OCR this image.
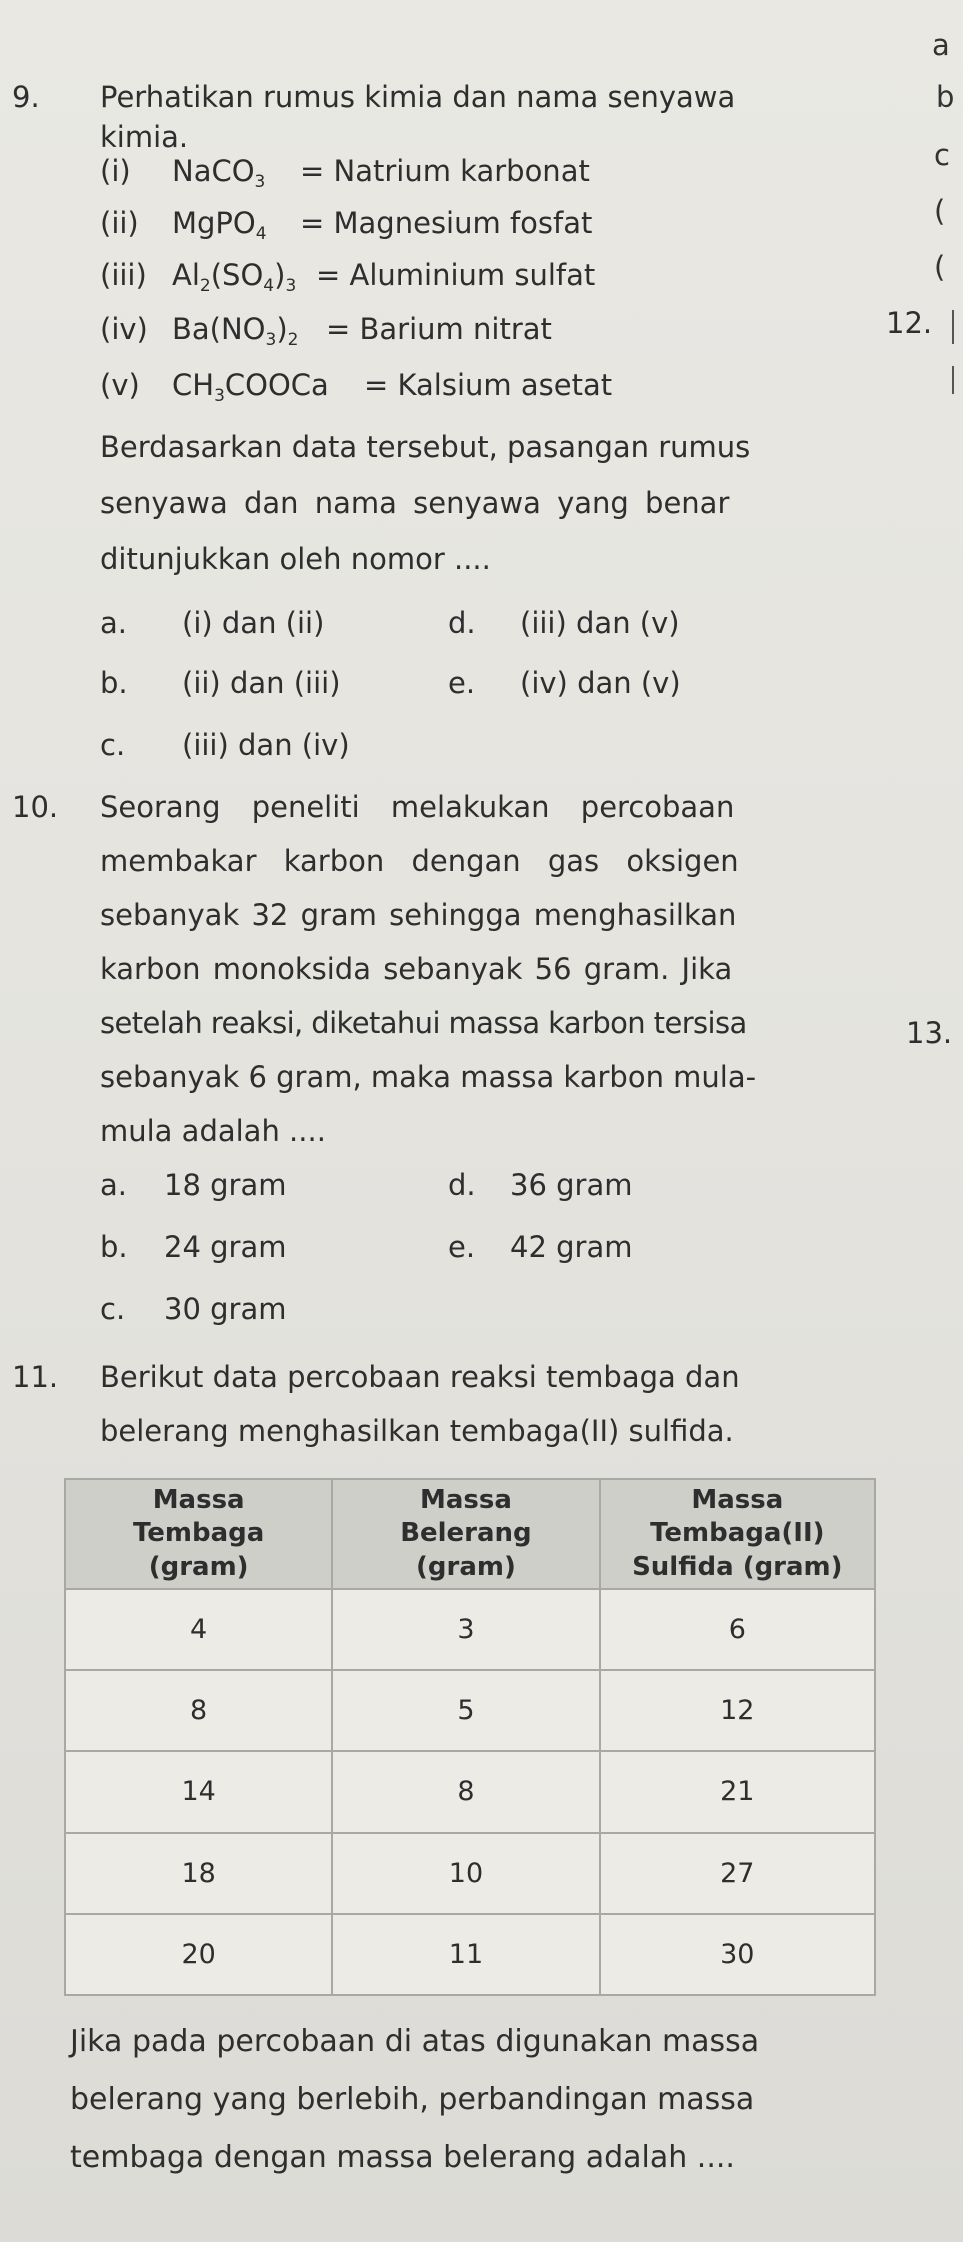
a
b
c
(
(
12.
13.
9. Perhatikan rumus kimia dan nama senyawa
kimia.
(i) NaCO$_3$ = Natrium karbonat
(ii) MgPO$_4$ = Magnesium fosfat
(iii) $Al_2(SO_4)_3$ = Aluminium sulfat
(iv) $Ba(NO_3)_2$ = Barium nitrat
(v) $CH_3COOCa$ = Kalsium asetat
Berdasarkan data tersebut, pasangan rumus
senyawa dan nama senyawa yang benar
ditunjukkan oleh nomor ....
a. (i) dan (ii)	d. (iii) dan (v)
b. (ii) dan (iii)	e. (iv) dan (v)
c. (iii) dan (iv)
10. Seorang peneliti melakukan percobaan
membakar karbon dengan gas oksigen
sebanyak 32 gram sehingga menghasilkan
karbon monoksida sebanyak 56 gram. Jika
setelah reaksi, diketahui massa karbon tersisa
sebanyak 6 gram, maka massa karbon mula-
mula adalah ....
a. 18 gram	d. 36 gram
b. 24 gram	e. 42 gram
c. 30 gram
11. Berikut data percobaan reaksi tembaga dan
belerang menghasilkan tembaga(II) sulfida.
Massa
Tembaga
(gram)	Massa
Belerang
(gram)	Massa
Tembaga(II)
Sulfida (gram)
4	3	6
8	5	12
14	8	21
18	10	27
20	11	30
Jika pada percobaan di atas digunakan massa
belerang yang berlebih, perbandingan massa
tembaga dengan massa belerang adalah ....
